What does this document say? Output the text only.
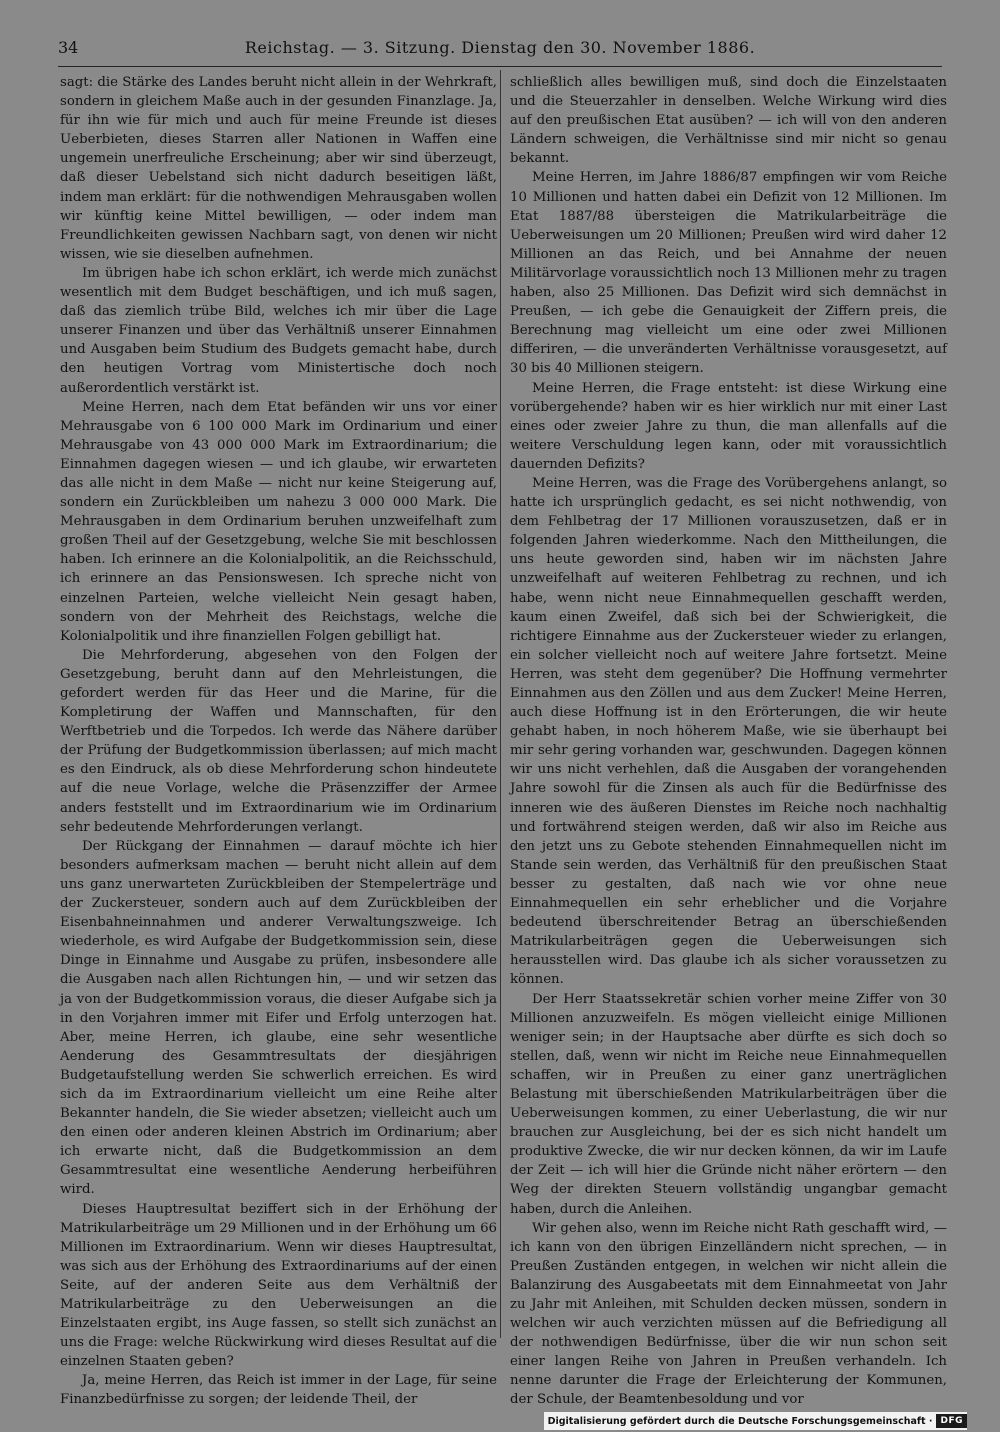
34	Reichstag. — 3. Sitzung. Dienstag den 30. November 1886.

sagt: die Stärke des Landes beruht nicht allein in der Wehrkraft, sondern in gleichem Maße auch in der gesunden Finanzlage. Ja, für ihn wie für mich und auch für meine Freunde ist dieses Ueberbieten, dieses Starren aller Nationen in Waffen eine ungemein unerfreuliche Erscheinung; aber wir sind überzeugt, daß dieser Uebelstand sich nicht dadurch beseitigen läßt, indem man erklärt: für die nothwendigen Mehrausgaben wollen wir künftig keine Mittel bewilligen, — oder indem man Freundlichkeiten gewissen Nachbarn sagt, von denen wir nicht wissen, wie sie dieselben aufnehmen.

Im übrigen habe ich schon erklärt, ich werde mich zunächst wesentlich mit dem Budget beschäftigen, und ich muß sagen, daß das ziemlich trübe Bild, welches ich mir über die Lage unserer Finanzen und über das Verhältniß unserer Einnahmen und Ausgaben beim Studium des Budgets gemacht habe, durch den heutigen Vortrag vom Ministertische doch noch außerordentlich verstärkt ist.

Meine Herren, nach dem Etat befänden wir uns vor einer Mehrausgabe von 6 100 000 Mark im Ordinarium und einer Mehrausgabe von 43 000 000 Mark im Extraordinarium; die Einnahmen dagegen wiesen — und ich glaube, wir erwarteten das alle nicht in dem Maße — nicht nur keine Steigerung auf, sondern ein Zurückbleiben um nahezu 3 000 000 Mark. Die Mehrausgaben in dem Ordinarium beruhen unzweifelhaft zum großen Theil auf der Gesetzgebung, welche Sie mit beschlossen haben. Ich erinnere an die Kolonialpolitik, an die Reichsschuld, ich erinnere an das Pensionswesen. Ich spreche nicht von einzelnen Parteien, welche vielleicht Nein gesagt haben, sondern von der Mehrheit des Reichstags, welche die Kolonialpolitik und ihre finanziellen Folgen gebilligt hat.

Die Mehrforderung, abgesehen von den Folgen der Gesetzgebung, beruht dann auf den Mehrleistungen, die gefordert werden für das Heer und die Marine, für die Kompletirung der Waffen und Mannschaften, für den Werftbetrieb und die Torpedos. Ich werde das Nähere darüber der Prüfung der Budgetkommission überlassen; auf mich macht es den Eindruck, als ob diese Mehrforderung schon hindeutete auf die neue Vorlage, welche die Präsenzziffer der Armee anders feststellt und im Extraordinarium wie im Ordinarium sehr bedeutende Mehrforderungen verlangt.

Der Rückgang der Einnahmen — darauf möchte ich hier besonders aufmerksam machen — beruht nicht allein auf dem uns ganz unerwarteten Zurückbleiben der Stempelerträge und der Zuckersteuer, sondern auch auf dem Zurückbleiben der Eisenbahneinnahmen und anderer Verwaltungszweige. Ich wiederhole, es wird Aufgabe der Budgetkommission sein, diese Dinge in Einnahme und Ausgabe zu prüfen, insbesondere alle die Ausgaben nach allen Richtungen hin, — und wir setzen das ja von der Budgetkommission voraus, die dieser Aufgabe sich ja in den Vorjahren immer mit Eifer und Erfolg unterzogen hat. Aber, meine Herren, ich glaube, eine sehr wesentliche Aenderung des Gesammtresultats der diesjährigen Budgetaufstellung werden Sie schwerlich erreichen. Es wird sich da im Extraordinarium vielleicht um eine Reihe alter Bekannter handeln, die Sie wieder absetzen; vielleicht auch um den einen oder anderen kleinen Abstrich im Ordinarium; aber ich erwarte nicht, daß die Budgetkommission an dem Gesammtresultat eine wesentliche Aenderung herbeiführen wird.

Dieses Hauptresultat beziffert sich in der Erhöhung der Matrikularbeiträge um 29 Millionen und in der Erhöhung um 66 Millionen im Extraordinarium. Wenn wir dieses Hauptresultat, was sich aus der Erhöhung des Extraordinariums auf der einen Seite, auf der anderen Seite aus dem Verhältniß der Matrikularbeiträge zu den Ueberweisungen an die Einzelstaaten ergibt, ins Auge fassen, so stellt sich zunächst an uns die Frage: welche Rückwirkung wird dieses Resultat auf die einzelnen Staaten geben?

Ja, meine Herren, das Reich ist immer in der Lage, für seine Finanzbedürfnisse zu sorgen; der leidende Theil, der

schließlich alles bewilligen muß, sind doch die Einzelstaaten und die Steuerzahler in denselben. Welche Wirkung wird dies auf den preußischen Etat ausüben? — ich will von den anderen Ländern schweigen, die Verhältnisse sind mir nicht so genau bekannt.

Meine Herren, im Jahre 1886/87 empfingen wir vom Reiche 10 Millionen und hatten dabei ein Defizit von 12 Millionen. Im Etat 1887/88 übersteigen die Matrikularbeiträge die Ueberweisungen um 20 Millionen; Preußen wird wird daher 12 Millionen an das Reich, und bei Annahme der neuen Militärvorlage voraussichtlich noch 13 Millionen mehr zu tragen haben, also 25 Millionen. Das Defizit wird sich demnächst in Preußen, — ich gebe die Genauigkeit der Ziffern preis, die Berechnung mag vielleicht um eine oder zwei Millionen differiren, — die unveränderten Verhältnisse vorausgesetzt, auf 30 bis 40 Millionen steigern.

Meine Herren, die Frage entsteht: ist diese Wirkung eine vorübergehende? haben wir es hier wirklich nur mit einer Last eines oder zweier Jahre zu thun, die man allenfalls auf die weitere Verschuldung legen kann, oder mit voraussichtlich dauernden Defizits?

Meine Herren, was die Frage des Vorübergehens anlangt, so hatte ich ursprünglich gedacht, es sei nicht nothwendig, von dem Fehlbetrag der 17 Millionen vorauszusetzen, daß er in folgenden Jahren wiederkomme. Nach den Mittheilungen, die uns heute geworden sind, haben wir im nächsten Jahre unzweifelhaft auf weiteren Fehlbetrag zu rechnen, und ich habe, wenn nicht neue Einnahmequellen geschafft werden, kaum einen Zweifel, daß sich bei der Schwierigkeit, die richtigere Einnahme aus der Zuckersteuer wieder zu erlangen, ein solcher vielleicht noch auf weitere Jahre fortsetzt. Meine Herren, was steht dem gegenüber? Die Hoffnung vermehrter Einnahmen aus den Zöllen und aus dem Zucker! Meine Herren, auch diese Hoffnung ist in den Erörterungen, die wir heute gehabt haben, in noch höherem Maße, wie sie überhaupt bei mir sehr gering vorhanden war, geschwunden. Dagegen können wir uns nicht verhehlen, daß die Ausgaben der vorangehenden Jahre sowohl für die Zinsen als auch für die Bedürfnisse des inneren wie des äußeren Dienstes im Reiche noch nachhaltig und fortwährend steigen werden, daß wir also im Reiche aus den jetzt uns zu Gebote stehenden Einnahmequellen nicht im Stande sein werden, das Verhältniß für den preußischen Staat besser zu gestalten, daß nach wie vor ohne neue Einnahmequellen ein sehr erheblicher und die Vorjahre bedeutend überschreitender Betrag an überschießenden Matrikularbeiträgen gegen die Ueberweisungen sich herausstellen wird. Das glaube ich als sicher voraussetzen zu können.

Der Herr Staatssekretär schien vorher meine Ziffer von 30 Millionen anzuzweifeln. Es mögen vielleicht einige Millionen weniger sein; in der Hauptsache aber dürfte es sich doch so stellen, daß, wenn wir nicht im Reiche neue Einnahmequellen schaffen, wir in Preußen zu einer ganz unerträglichen Belastung mit überschießenden Matrikularbeiträgen über die Ueberweisungen kommen, zu einer Ueberlastung, die wir nur brauchen zur Ausgleichung, bei der es sich nicht handelt um produktive Zwecke, die wir nur decken können, da wir im Laufe der Zeit — ich will hier die Gründe nicht näher erörtern — den Weg der direkten Steuern vollständig ungangbar gemacht haben, durch die Anleihen.

Wir gehen also, wenn im Reiche nicht Rath geschafft wird, — ich kann von den übrigen Einzelländern nicht sprechen, — in Preußen Zuständen entgegen, in welchen wir nicht allein die Balanzirung des Ausgabeetats mit dem Einnahmeetat von Jahr zu Jahr mit Anleihen, mit Schulden decken müssen, sondern in welchen wir auch verzichten müssen auf die Befriedigung all der nothwendigen Bedürfnisse, über die wir nun schon seit einer langen Reihe von Jahren in Preußen verhandeln. Ich nenne darunter die Frage der Erleichterung der Kommunen, der Schule, der Beamtenbesoldung und vor

Digitalisierung gefördert durch die Deutsche Forschungsgemeinschaft · DFG
